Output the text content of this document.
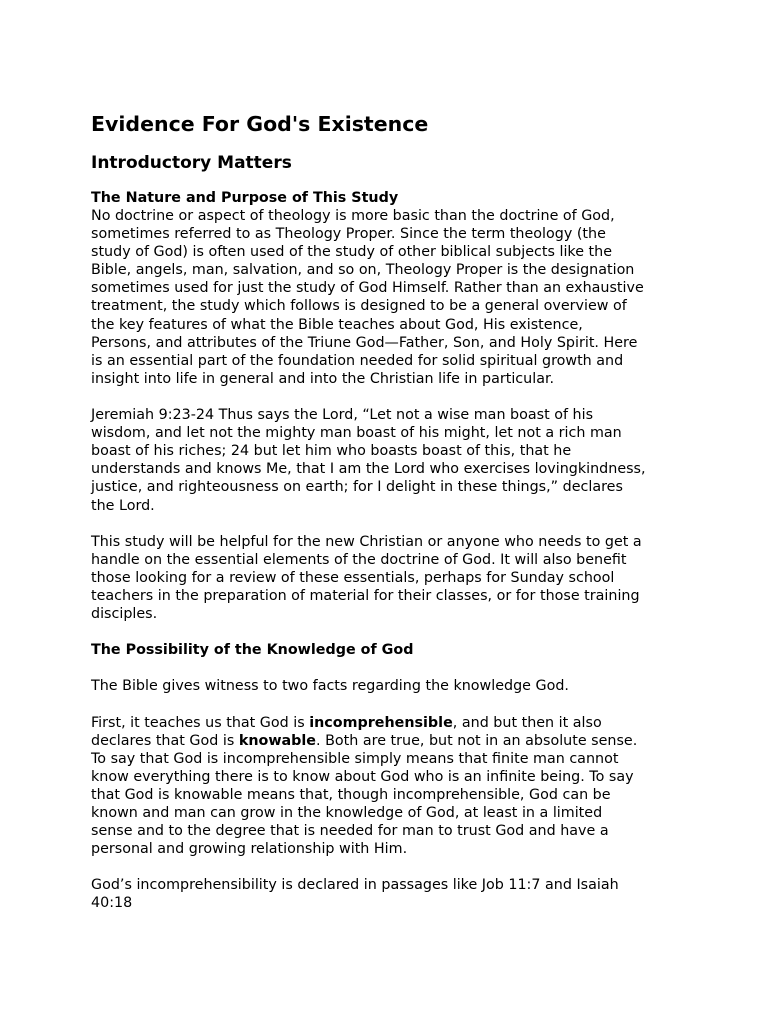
Evidence For God's Existence
Introductory Matters
The Nature and Purpose of This Study
No doctrine or aspect of theology is more basic than the doctrine of God,
sometimes referred to as Theology Proper. Since the term theology (the
study of God) is often used of the study of other biblical subjects like the
Bible, angels, man, salvation, and so on, Theology Proper is the designation
sometimes used for just the study of God Himself. Rather than an exhaustive
treatment, the study which follows is designed to be a general overview of
the key features of what the Bible teaches about God, His existence,
Persons, and attributes of the Triune God—Father, Son, and Holy Spirit. Here
is an essential part of the foundation needed for solid spiritual growth and
insight into life in general and into the Christian life in particular.
Jeremiah 9:23-24 Thus says the Lord, “Let not a wise man boast of his
wisdom, and let not the mighty man boast of his might, let not a rich man
boast of his riches; 24 but let him who boasts boast of this, that he
understands and knows Me, that I am the Lord who exercises lovingkindness,
justice, and righteousness on earth; for I delight in these things,” declares
the Lord.
This study will be helpful for the new Christian or anyone who needs to get a
handle on the essential elements of the doctrine of God. It will also benefit
those looking for a review of these essentials, perhaps for Sunday school
teachers in the preparation of material for their classes, or for those training
disciples.
The Possibility of the Knowledge of God
The Bible gives witness to two facts regarding the knowledge God.
First, it teaches us that God is incomprehensible, and but then it also
declares that God is knowable. Both are true, but not in an absolute sense.
To say that God is incomprehensible simply means that finite man cannot
know everything there is to know about God who is an infinite being. To say
that God is knowable means that, though incomprehensible, God can be
known and man can grow in the knowledge of God, at least in a limited
sense and to the degree that is needed for man to trust God and have a
personal and growing relationship with Him.
God’s incomprehensibility is declared in passages like Job 11:7 and Isaiah
40:18
